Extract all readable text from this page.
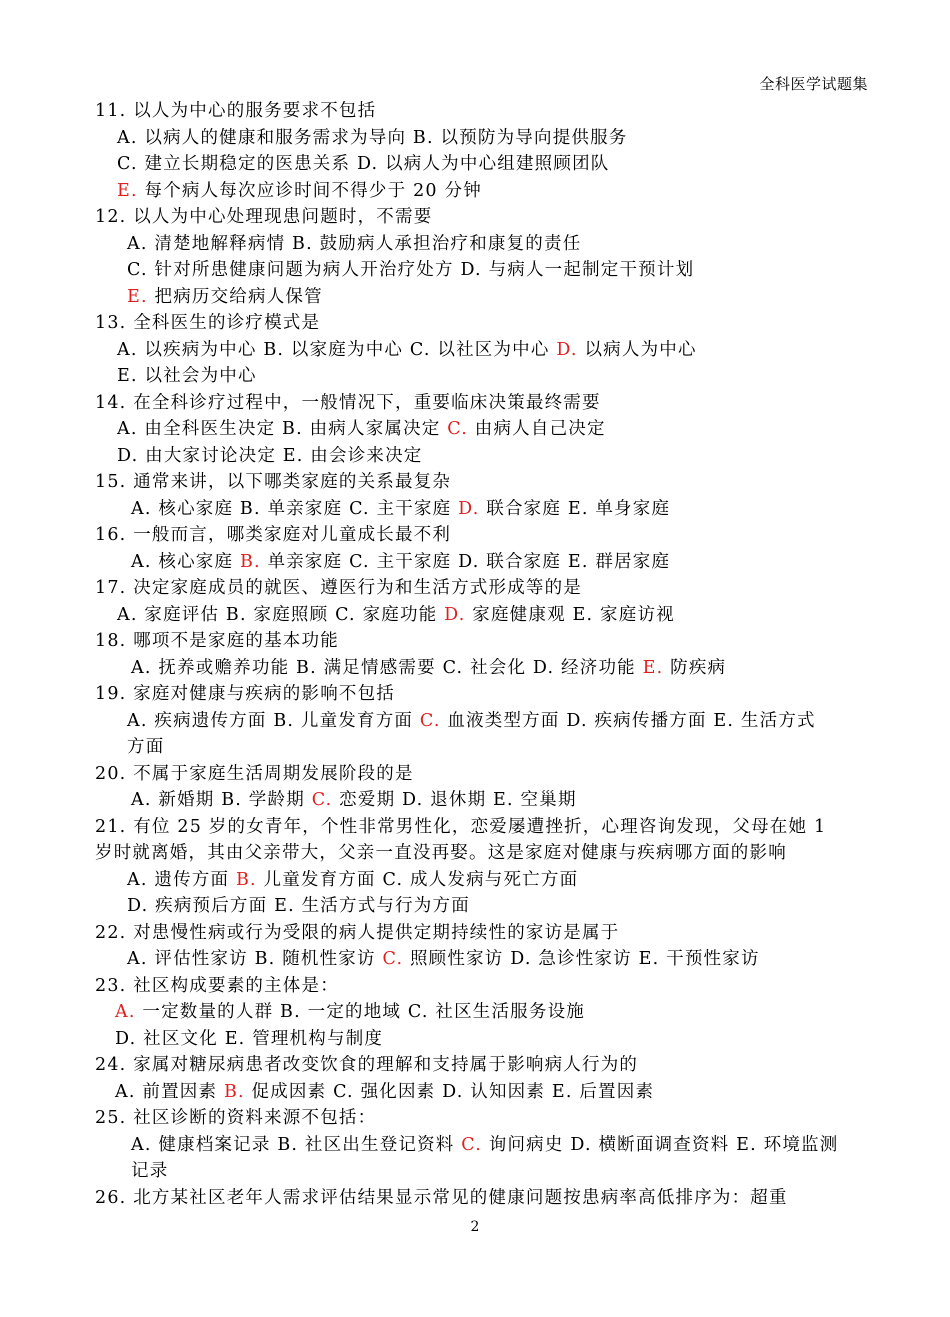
全科医学试题集
11. 以人为中心的服务要求不包括
A. 以病人的健康和服务需求为导向 B. 以预防为导向提供服务
C. 建立长期稳定的医患关系 D. 以病人为中心组建照顾团队
E. 每个病人每次应诊时间不得少于 20 分钟
12. 以人为中心处理现患问题时，不需要
A. 清楚地解释病情 B. 鼓励病人承担治疗和康复的责任
C. 针对所患健康问题为病人开治疗处方 D. 与病人一起制定干预计划
E. 把病历交给病人保管
13. 全科医生的诊疗模式是
A. 以疾病为中心 B. 以家庭为中心 C. 以社区为中心 D. 以病人为中心
E. 以社会为中心
14. 在全科诊疗过程中，一般情况下，重要临床决策最终需要
A. 由全科医生决定 B. 由病人家属决定 C. 由病人自己决定
D. 由大家讨论决定 E. 由会诊来决定
15. 通常来讲，以下哪类家庭的关系最复杂
A. 核心家庭 B. 单亲家庭 C. 主干家庭 D. 联合家庭 E. 单身家庭
16. 一般而言，哪类家庭对儿童成长最不利
A. 核心家庭 B. 单亲家庭 C. 主干家庭 D. 联合家庭 E. 群居家庭
17. 决定家庭成员的就医、遵医行为和生活方式形成等的是
A. 家庭评估 B. 家庭照顾 C. 家庭功能 D. 家庭健康观 E. 家庭访视
18. 哪项不是家庭的基本功能
A. 抚养或赡养功能 B. 满足情感需要 C. 社会化 D. 经济功能 E. 防疾病
19. 家庭对健康与疾病的影响不包括
A. 疾病遗传方面 B. 儿童发育方面 C. 血液类型方面 D. 疾病传播方面 E. 生活方式
方面
20. 不属于家庭生活周期发展阶段的是
A. 新婚期 B. 学龄期 C. 恋爱期 D. 退休期 E. 空巢期
21. 有位 25 岁的女青年，个性非常男性化，恋爱屡遭挫折，心理咨询发现，父母在她 1
岁时就离婚，其由父亲带大，父亲一直没再娶。这是家庭对健康与疾病哪方面的影响
A. 遗传方面 B. 儿童发育方面 C. 成人发病与死亡方面
D. 疾病预后方面 E. 生活方式与行为方面
22. 对患慢性病或行为受限的病人提供定期持续性的家访是属于
A. 评估性家访 B. 随机性家访 C. 照顾性家访 D. 急诊性家访 E. 干预性家访
23. 社区构成要素的主体是：
A. 一定数量的人群 B. 一定的地域 C. 社区生活服务设施
D. 社区文化 E. 管理机构与制度
24. 家属对糖尿病患者改变饮食的理解和支持属于影响病人行为的
A. 前置因素 B. 促成因素 C. 强化因素 D. 认知因素 E. 后置因素
25. 社区诊断的资料来源不包括：
A. 健康档案记录 B. 社区出生登记资料 C. 询问病史 D. 横断面调查资料 E. 环境监测
记录
26. 北方某社区老年人需求评估结果显示常见的健康问题按患病率高低排序为：超重
2
